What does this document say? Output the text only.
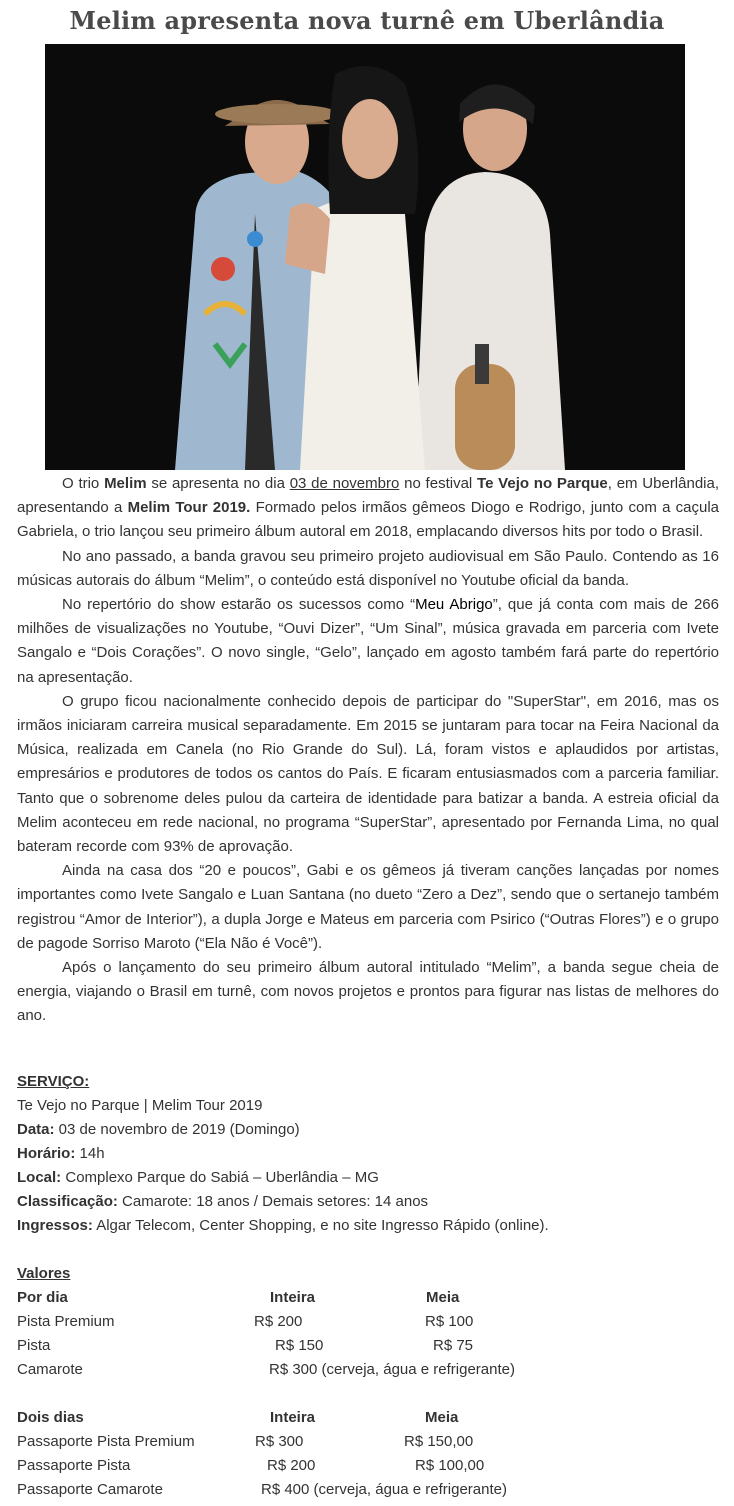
Melim apresenta nova turnê em Uberlândia

O trio Melim se apresenta no dia 03 de novembro no festival Te Vejo no Parque, em Uberlândia, apresentando a Melim Tour 2019. Formado pelos irmãos gêmeos Diogo e Rodrigo, junto com a caçula Gabriela, o trio lançou seu primeiro álbum autoral em 2018, emplacando diversos hits por todo o Brasil.

No ano passado, a banda gravou seu primeiro projeto audiovisual em São Paulo. Contendo as 16 músicas autorais do álbum “Melim”, o conteúdo está disponível no Youtube oficial da banda.

No repertório do show estarão os sucessos como “Meu Abrigo”, que já conta com mais de 266 milhões de visualizações no Youtube, “Ouvi Dizer”, “Um Sinal”, música gravada em parceria com Ivete Sangalo e “Dois Corações”. O novo single, “Gelo”, lançado em agosto também fará parte do repertório na apresentação.

O grupo ficou nacionalmente conhecido depois de participar do "SuperStar", em 2016, mas os irmãos iniciaram carreira musical separadamente. Em 2015 se juntaram para tocar na Feira Nacional da Música, realizada em Canela (no Rio Grande do Sul). Lá, foram vistos e aplaudidos por artistas, empresários e produtores de todos os cantos do País. E ficaram entusiasmados com a parceria familiar. Tanto que o sobrenome deles pulou da carteira de identidade para batizar a banda. A estreia oficial da Melim aconteceu em rede nacional, no programa “SuperStar”, apresentado por Fernanda Lima, no qual bateram recorde com 93% de aprovação.

Ainda na casa dos “20 e poucos”, Gabi e os gêmeos já tiveram canções lançadas por nomes importantes como Ivete Sangalo e Luan Santana (no dueto “Zero a Dez”, sendo que o sertanejo também registrou “Amor de Interior”), a dupla Jorge e Mateus em parceria com Psirico (“Outras Flores”) e o grupo de pagode Sorriso Maroto (“Ela Não é Você”).

Após o lançamento do seu primeiro álbum autoral intitulado “Melim”, a banda segue cheia de energia, viajando o Brasil em turnê, com novos projetos e prontos para figurar nas listas de melhores do ano.

SERVIÇO:
Te Vejo no Parque | Melim Tour 2019
Data: 03 de novembro de 2019 (Domingo)
Horário: 14h
Local: Complexo Parque do Sabiá – Uberlândia – MG
Classificação: Camarote: 18 anos / Demais setores: 14 anos
Ingressos: Algar Telecom, Center Shopping, e no site Ingresso Rápido (online).
Valores
Por dia	Inteira	Meia
Pista Premium	R$ 200	R$ 100
Pista	R$ 150	R$ 75
Camarote	R$ 300 (cerveja, água e refrigerante)
Dois dias	Inteira	Meia
Passaporte Pista Premium	R$ 300	R$ 150,00
Passaporte Pista	R$ 200	R$ 100,00
Passaporte Camarote	R$ 400 (cerveja, água e refrigerante)
